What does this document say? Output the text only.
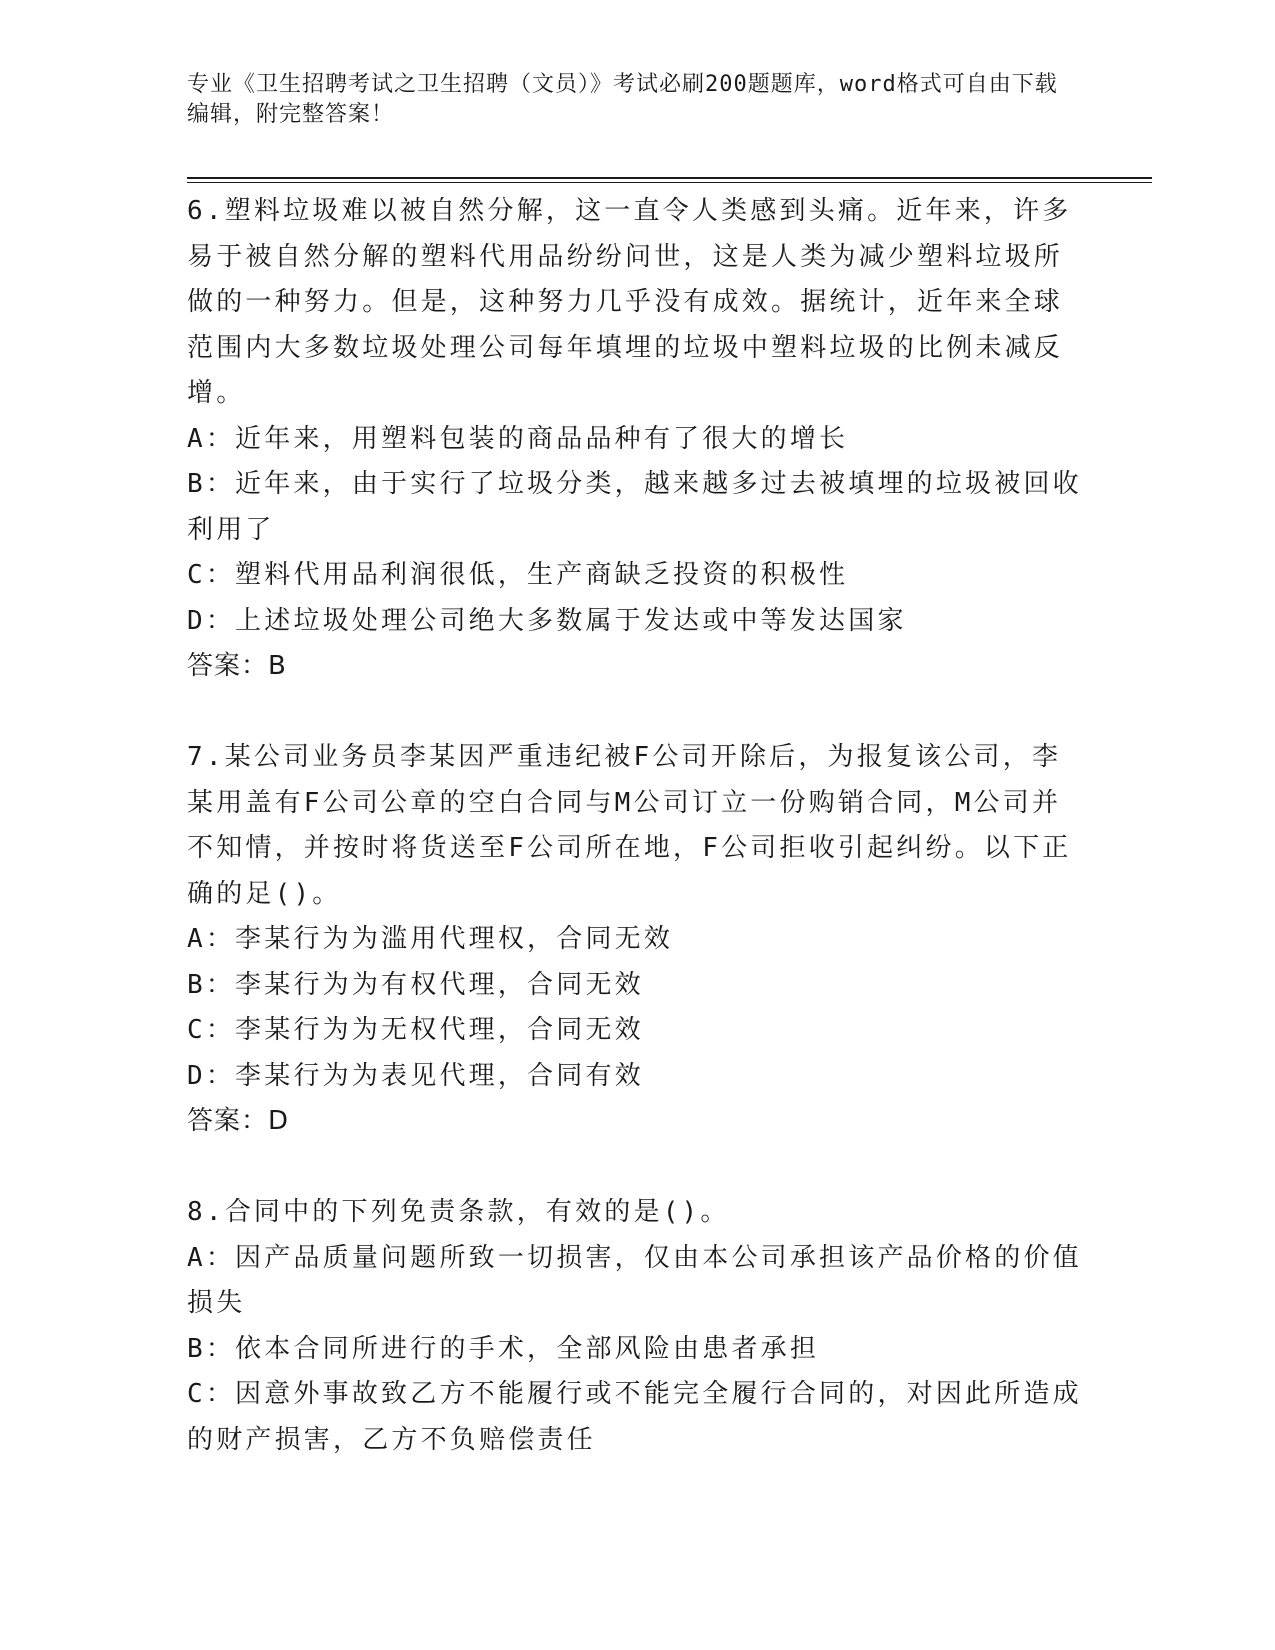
专业《卫生招聘考试之卫生招聘（文员）》考试必刷200题题库，word格式可自由下载编辑，附完整答案！

6.塑料垃圾难以被自然分解，这一直令人类感到头痛。近年来，许多易于被自然分解的塑料代用品纷纷问世，这是人类为减少塑料垃圾所做的一种努力。但是，这种努力几乎没有成效。据统计，近年来全球范围内大多数垃圾处理公司每年填埋的垃圾中塑料垃圾的比例未减反增。

A：近年来，用塑料包装的商品品种有了很大的增长

B：近年来，由于实行了垃圾分类，越来越多过去被填埋的垃圾被回收利用了

C：塑料代用品利润很低，生产商缺乏投资的积极性

D：上述垃圾处理公司绝大多数属于发达或中等发达国家

答案：B

7.某公司业务员李某因严重违纪被F公司开除后，为报复该公司，李某用盖有F公司公章的空白合同与M公司订立一份购销合同，M公司并不知情，并按时将货送至F公司所在地，F公司拒收引起纠纷。以下正确的足()。

A：李某行为为滥用代理权，合同无效

B：李某行为为有权代理，合同无效

C：李某行为为无权代理，合同无效

D：李某行为为表见代理，合同有效

答案：D

8.合同中的下列免责条款，有效的是()。

A：因产品质量问题所致一切损害，仅由本公司承担该产品价格的价值损失

B：依本合同所进行的手术，全部风险由患者承担

C：因意外事故致乙方不能履行或不能完全履行合同的，对因此所造成的财产损害，乙方不负赔偿责任
